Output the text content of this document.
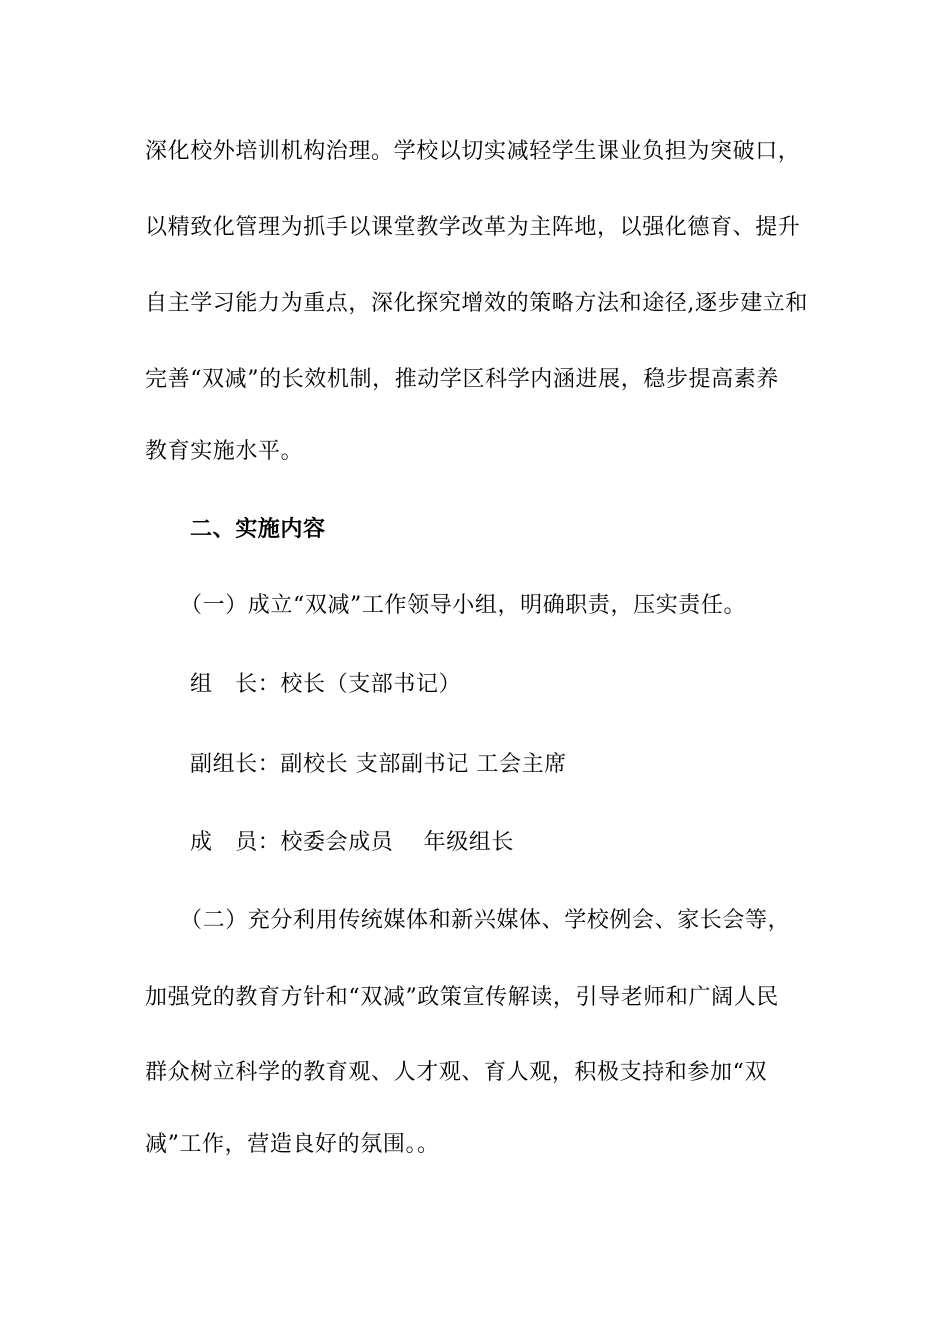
深化校外培训机构治理。学校以切实减轻学生课业负担为突破口，
以精致化管理为抓手以课堂教学改革为主阵地，以强化德育、提升
自主学习能力为重点，深化探究增效的策略方法和途径,逐步建立和
完善“双减”的长效机制，推动学区科学内涵进展，稳步提高素养
教育实施水平。
二、实施内容
（一）成立“双减”工作领导小组，明确职责，压实责任。
组　长：校长（支部书记）
副组长：副校长 支部副书记 工会主席
成　员：校委会成员　 年级组长
（二）充分利用传统媒体和新兴媒体、学校例会、家长会等，
加强党的教育方针和“双减”政策宣传解读，引导老师和广阔人民
群众树立科学的教育观、人才观、育人观，积极支持和参加“双
减”工作，营造良好的氛围。。
